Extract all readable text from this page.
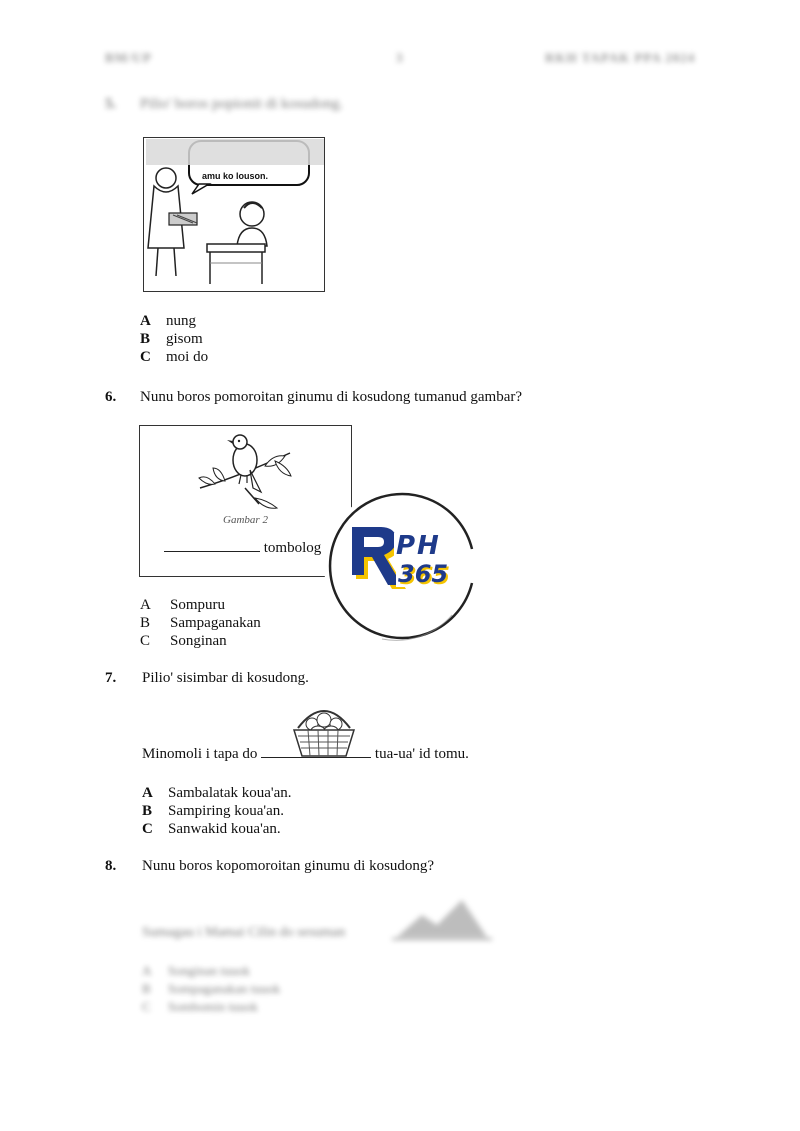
BM/UP	3	RKH TAPAK PPA 2024
5. Pilio' boros popionit di kosudong.
amu ko louson.
A nung
B gisom
C moi do
6. Nunu boros pomoroitan ginumu di kosudong tumanud gambar?
Gambar 2
tombolog
A Sompuru
B Sampaganakan
C Songinan
PH
365
7. Pilio' sisimbar di kosudong.
Minomoli i tapa do	tua-ua' id tomu.
A Sambalatak koua'an.
B Sampiring koua'an.
C Sanwakid koua'an.
8. Nunu boros kopomoroitan ginumu di kosudong?
Sumagau i Mamai Cilin do sesuman
A Songinan tuuok
B Sompaganakan tuuok
C Sombomin tuuok
